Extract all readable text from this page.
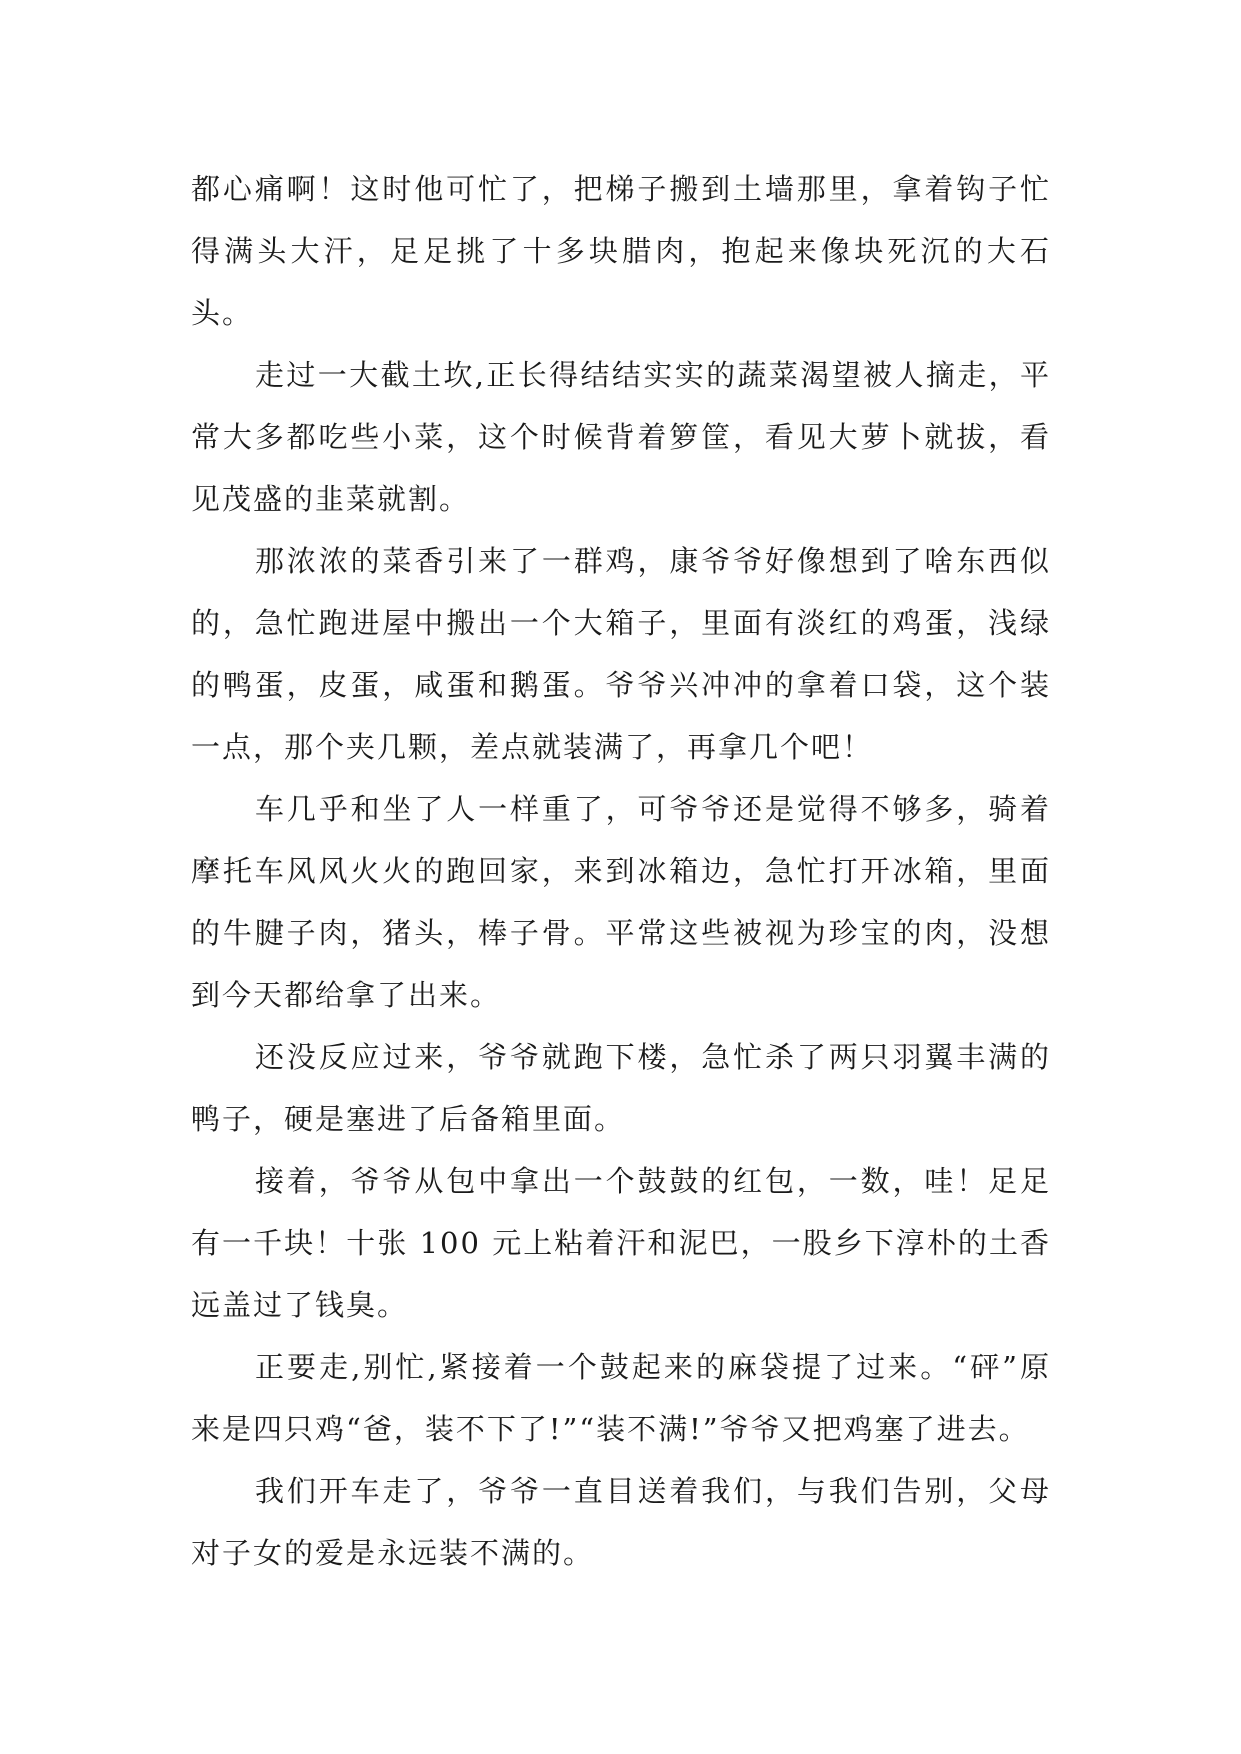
都心痛啊！这时他可忙了，把梯子搬到土墙那里，拿着钩子忙得满头大汗，足足挑了十多块腊肉，抱起来像块死沉的大石头。

走过一大截土坎,正长得结结实实的蔬菜渴望被人摘走，平常大多都吃些小菜，这个时候背着箩筐，看见大萝卜就拔，看见茂盛的韭菜就割。

那浓浓的菜香引来了一群鸡，康爷爷好像想到了啥东西似的，急忙跑进屋中搬出一个大箱子，里面有淡红的鸡蛋，浅绿的鸭蛋，皮蛋，咸蛋和鹅蛋。爷爷兴冲冲的拿着口袋，这个装一点，那个夹几颗，差点就装满了，再拿几个吧！

车几乎和坐了人一样重了，可爷爷还是觉得不够多，骑着摩托车风风火火的跑回家，来到冰箱边，急忙打开冰箱，里面的牛腱子肉，猪头，棒子骨。平常这些被视为珍宝的肉，没想到今天都给拿了出来。

还没反应过来，爷爷就跑下楼，急忙杀了两只羽翼丰满的鸭子，硬是塞进了后备箱里面。

接着，爷爷从包中拿出一个鼓鼓的红包，一数，哇！足足有一千块！十张 100 元上粘着汗和泥巴，一股乡下淳朴的土香远盖过了钱臭。

正要走,别忙,紧接着一个鼓起来的麻袋提了过来。“砰”原来是四只鸡“爸，装不下了!”“装不满!”爷爷又把鸡塞了进去。

我们开车走了，爷爷一直目送着我们，与我们告别，父母对子女的爱是永远装不满的。
